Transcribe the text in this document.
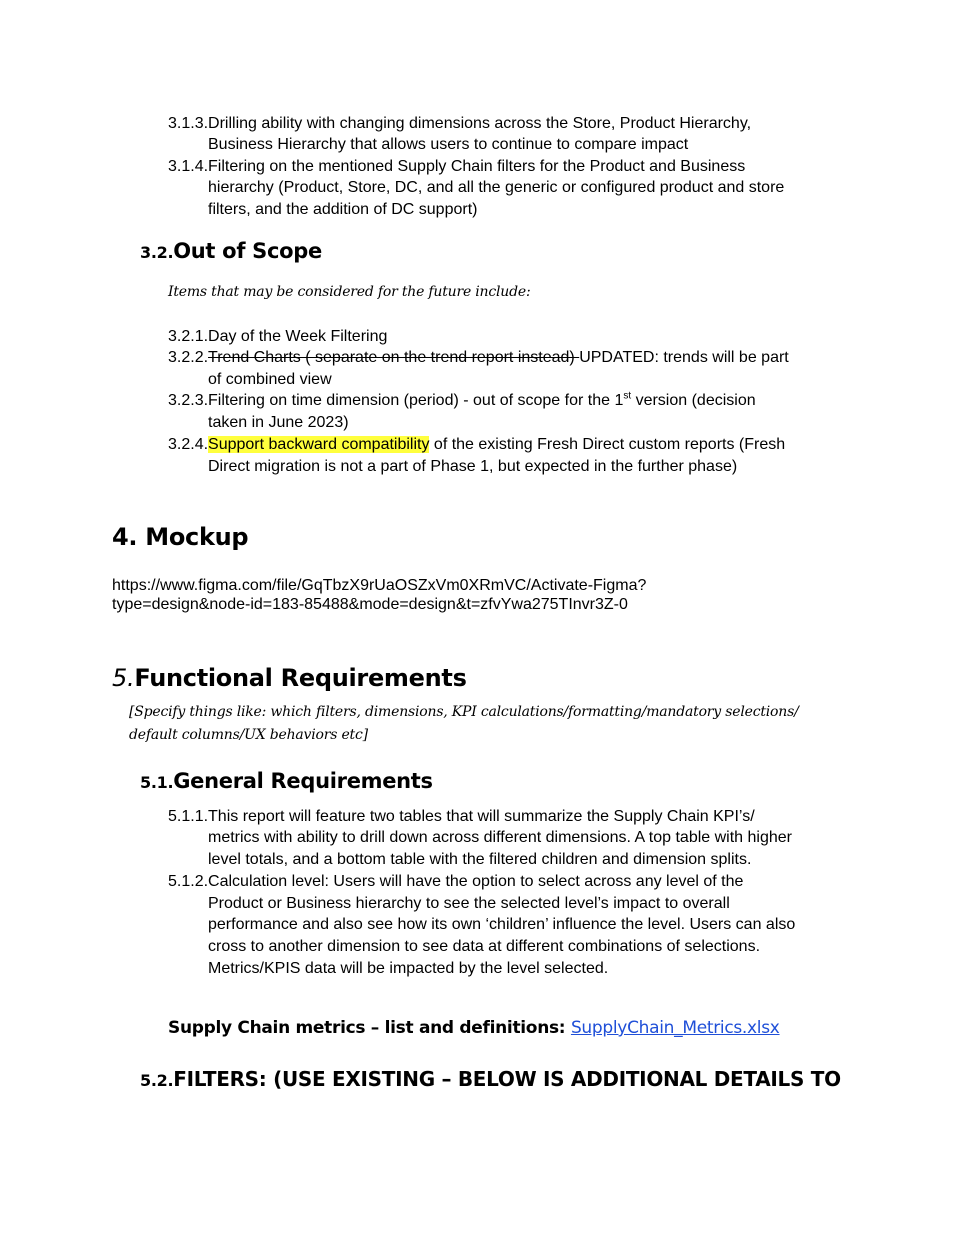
3.1.3.Drilling ability with changing dimensions across the Store, Product Hierarchy,
Business Hierarchy that allows users to continue to compare impact
3.1.4.Filtering on the mentioned Supply Chain filters for the Product and Business
hierarchy (Product, Store, DC, and all the generic or configured product and store
filters, and the addition of DC support)
3.2.Out of Scope
Items that may be considered for the future include:
3.2.1.Day of the Week Filtering
3.2.2.Trend Charts ( separate on the trend report instead) UPDATED: trends will be part
of combined view
3.2.3.Filtering on time dimension (period) - out of scope for the 1st version (decision
taken in June 2023)
3.2.4.Support backward compatibility of the existing Fresh Direct custom reports (Fresh
Direct migration is not a part of Phase 1, but expected in the further phase)
4. Mockup
https://www.figma.com/file/GqTbzX9rUaOSZxVm0XRmVC/Activate-Figma?
type=design&node-id=183-85488&mode=design&t=zfvYwa275TInvr3Z-0
5.Functional Requirements
[Specify things like: which filters, dimensions, KPI calculations/formatting/mandatory selections/
default columns/UX behaviors etc]
5.1.General Requirements
5.1.1.This report will feature two tables that will summarize the Supply Chain KPI’s/
metrics with ability to drill down across different dimensions. A top table with higher
level totals, and a bottom table with the filtered children and dimension splits.
5.1.2.Calculation level: Users will have the option to select across any level of the
Product or Business hierarchy to see the selected level’s impact to overall
performance and also see how its own ‘children’ influence the level. Users can also
cross to another dimension to see data at different combinations of selections.
Metrics/KPIS data will be impacted by the level selected.
Supply Chain metrics – list and definitions: SupplyChain_Metrics.xlsx
5.2.FILTERS: (USE EXISTING – BELOW IS ADDITIONAL DETAILS TO
